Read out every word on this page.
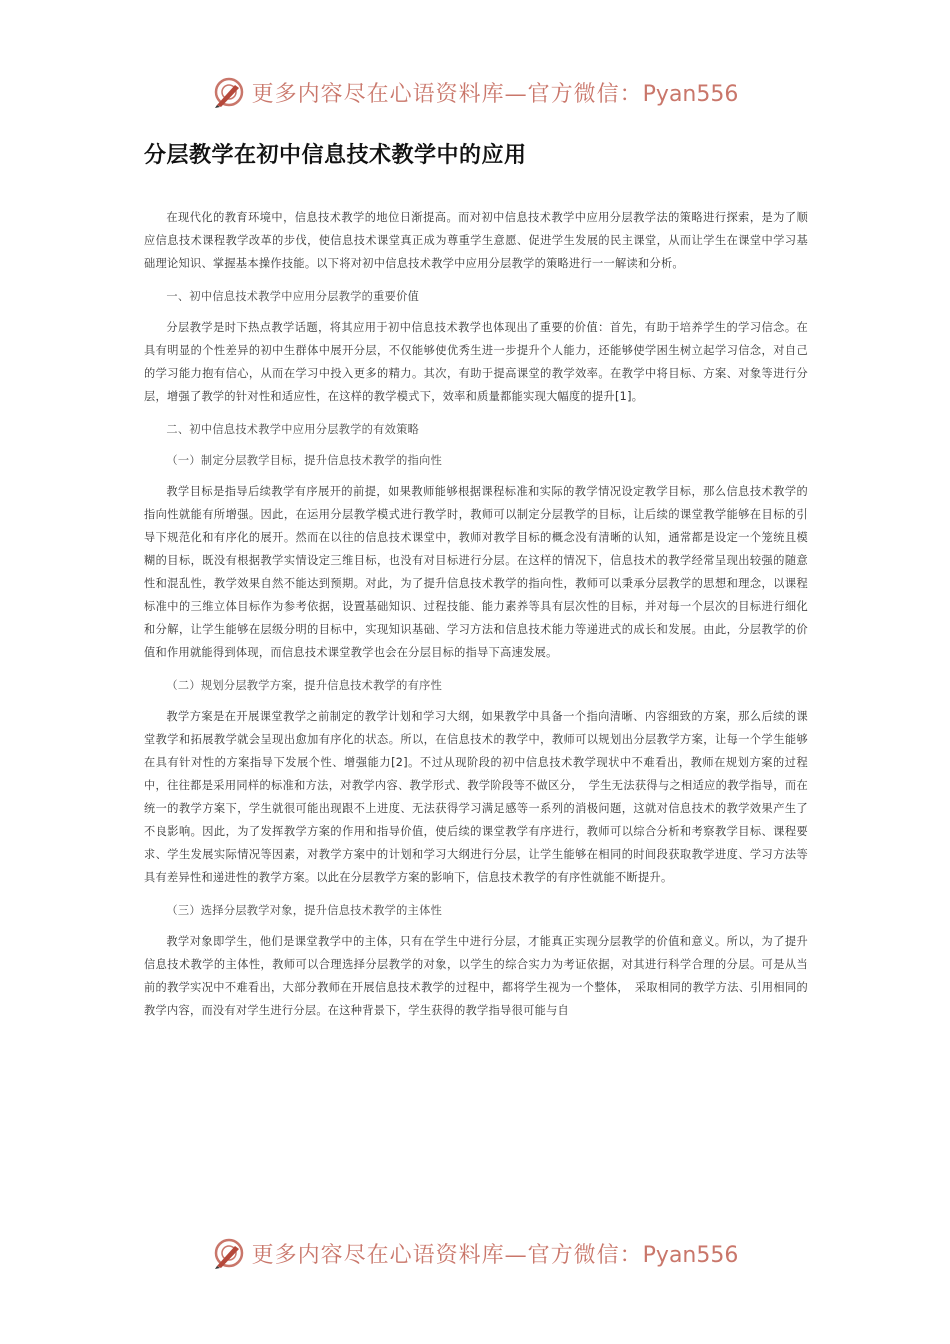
更多内容尽在心语资料库—官方微信：Pyan556
分层教学在初中信息技术教学中的应用

在现代化的教育环境中，信息技术教学的地位日渐提高。而对初中信息技术教学中应用分层教学法的策略进行探索，是为了顺应信息技术课程教学改革的步伐，使信息技术课堂真正成为尊重学生意愿、促进学生发展的民主课堂，从而让学生在课堂中学习基础理论知识、掌握基本操作技能。以下将对初中信息技术教学中应用分层教学的策略进行一一解读和分析。

一、初中信息技术教学中应用分层教学的重要价值

分层教学是时下热点教学话题，将其应用于初中信息技术教学也体现出了重要的价值：首先，有助于培养学生的学习信念。在具有明显的个性差异的初中生群体中展开分层，不仅能够使优秀生进一步提升个人能力，还能够使学困生树立起学习信念，对自己的学习能力抱有信心，从而在学习中投入更多的精力。其次，有助于提高课堂的教学效率。在教学中将目标、方案、对象等进行分层，增强了教学的针对性和适应性，在这样的教学模式下，效率和质量都能实现大幅度的提升[1]。

二、初中信息技术教学中应用分层教学的有效策略

（一）制定分层教学目标，提升信息技术教学的指向性

教学目标是指导后续教学有序展开的前提，如果教师能够根据课程标准和实际的教学情况设定教学目标，那么信息技术教学的指向性就能有所增强。因此，在运用分层教学模式进行教学时，教师可以制定分层教学的目标，让后续的课堂教学能够在目标的引导下规范化和有序化的展开。然而在以往的信息技术课堂中，教师对教学目标的概念没有清晰的认知，通常都是设定一个笼统且模糊的目标，既没有根据教学实情设定三维目标，也没有对目标进行分层。在这样的情况下，信息技术的教学经常呈现出较强的随意性和混乱性，教学效果自然不能达到预期。对此，为了提升信息技术教学的指向性，教师可以秉承分层教学的思想和理念，以课程标准中的三维立体目标作为参考依据，设置基础知识、过程技能、能力素养等具有层次性的目标，并对每一个层次的目标进行细化和分解，让学生能够在层级分明的目标中，实现知识基础、学习方法和信息技术能力等递进式的成长和发展。由此，分层教学的价值和作用就能得到体现，而信息技术课堂教学也会在分层目标的指导下高速发展。

（二）规划分层教学方案，提升信息技术教学的有序性

教学方案是在开展课堂教学之前制定的教学计划和学习大纲，如果教学中具备一个指向清晰、内容细致的方案，那么后续的课堂教学和拓展教学就会呈现出愈加有序化的状态。所以，在信息技术的教学中，教师可以规划出分层教学方案，让每一个学生能够在具有针对性的方案指导下发展个性、增强能力[2]。不过从现阶段的初中信息技术教学现状中不难看出，教师在规划方案的过程中，往往都是采用同样的标准和方法，对教学内容、教学形式、教学阶段等不做区分，　学生无法获得与之相适应的教学指导，而在统一的教学方案下，学生就很可能出现跟不上进度、无法获得学习满足感等一系列的消极问题，这就对信息技术的教学效果产生了不良影响。因此，为了发挥教学方案的作用和指导价值，使后续的课堂教学有序进行，教师可以综合分析和考察教学目标、课程要求、学生发展实际情况等因素，对教学方案中的计划和学习大纲进行分层，让学生能够在相同的时间段获取教学进度、学习方法等具有差异性和递进性的教学方案。以此在分层教学方案的影响下，信息技术教学的有序性就能不断提升。

（三）选择分层教学对象，提升信息技术教学的主体性

教学对象即学生，他们是课堂教学中的主体，只有在学生中进行分层，才能真正实现分层教学的价值和意义。所以，为了提升信息技术教学的主体性，教师可以合理选择分层教学的对象，以学生的综合实力为考证依据，对其进行科学合理的分层。可是从当前的教学实况中不难看出，大部分教师在开展信息技术教学的过程中，都将学生视为一个整体，　采取相同的教学方法、引用相同的教学内容，而没有对学生进行分层。在这种背景下，学生获得的教学指导很可能与自

更多内容尽在心语资料库—官方微信：Pyan556
